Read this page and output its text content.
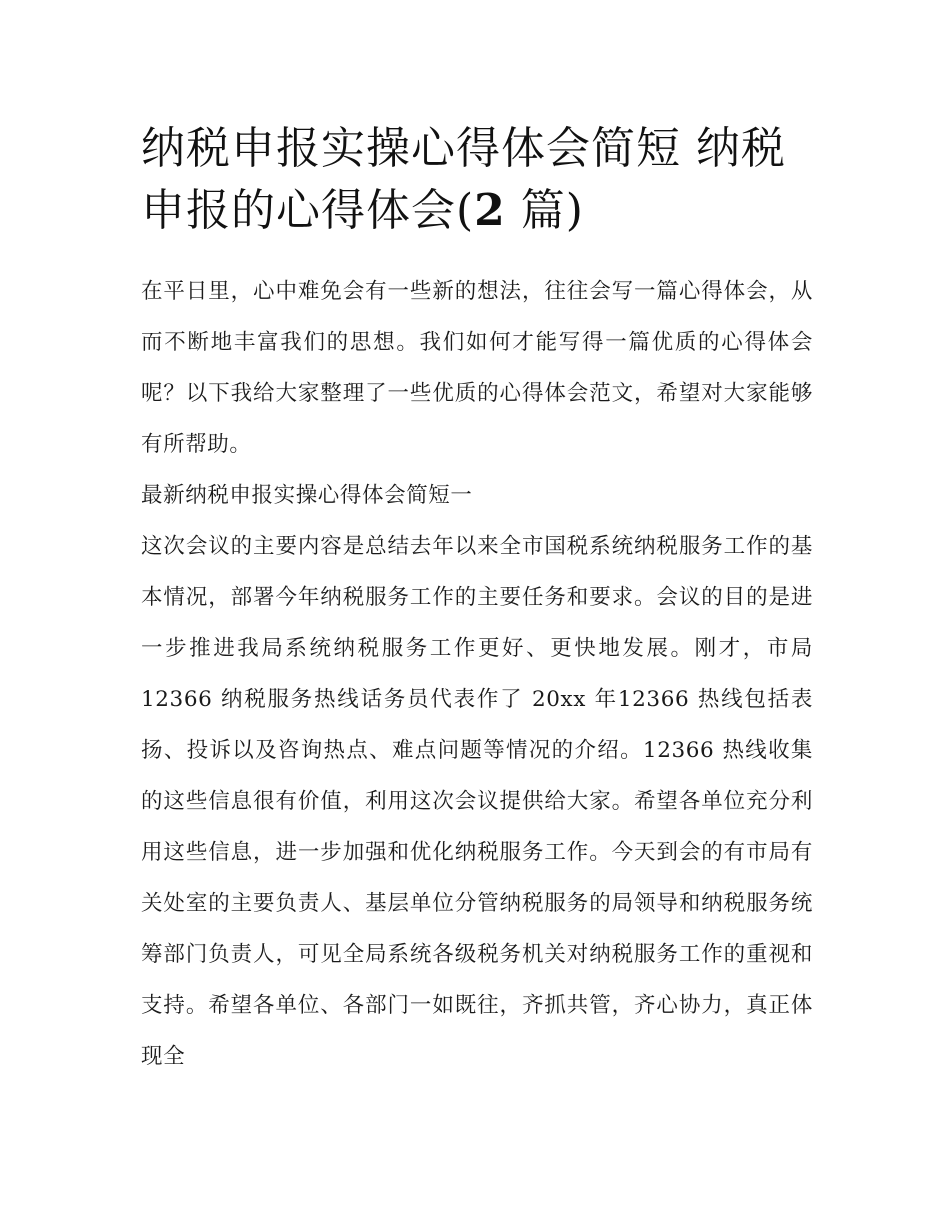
纳税申报实操心得体会简短 纳税申报的心得体会(2 篇)

在平日里，心中难免会有一些新的想法，往往会写一篇心得体会，从而不断地丰富我们的思想。我们如何才能写得一篇优质的心得体会呢？以下我给大家整理了一些优质的心得体会范文，希望对大家能够有所帮助。

最新纳税申报实操心得体会简短一

这次会议的主要内容是总结去年以来全市国税系统纳税服务工作的基本情况，部署今年纳税服务工作的主要任务和要求。会议的目的是进一步推进我局系统纳税服务工作更好、更快地发展。刚才，市局 12366 纳税服务热线话务员代表作了 20xx 年12366 热线包括表扬、投诉以及咨询热点、难点问题等情况的介绍。12366 热线收集的这些信息很有价值，利用这次会议提供给大家。希望各单位充分利用这些信息，进一步加强和优化纳税服务工作。今天到会的有市局有关处室的主要负责人、基层单位分管纳税服务的局领导和纳税服务统筹部门负责人，可见全局系统各级税务机关对纳税服务工作的重视和支持。希望各单位、各部门一如既往，齐抓共管，齐心协力，真正体现全
